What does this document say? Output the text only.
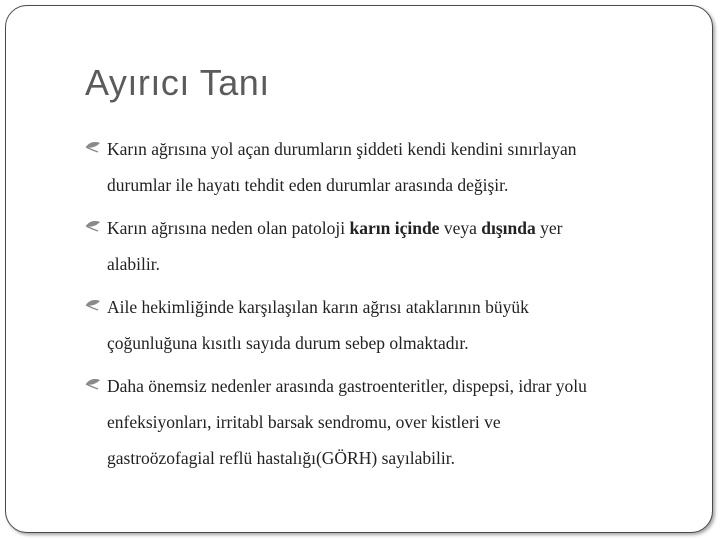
Ayırıcı Tanı
Karın ağrısına yol açan durumların şiddeti kendi kendini sınırlayan
durumlar ile hayatı tehdit eden durumlar arasında değişir.
Karın ağrısına neden olan patoloji karın içinde veya dışında yer
alabilir.
Aile hekimliğinde karşılaşılan karın ağrısı ataklarının büyük
çoğunluğuna kısıtlı sayıda durum sebep olmaktadır.
Daha önemsiz nedenler arasında gastroenteritler, dispepsi, idrar yolu
enfeksiyonları, irritabl barsak sendromu, over kistleri ve
gastroözofagial reflü hastalığı(GÖRH) sayılabilir.
